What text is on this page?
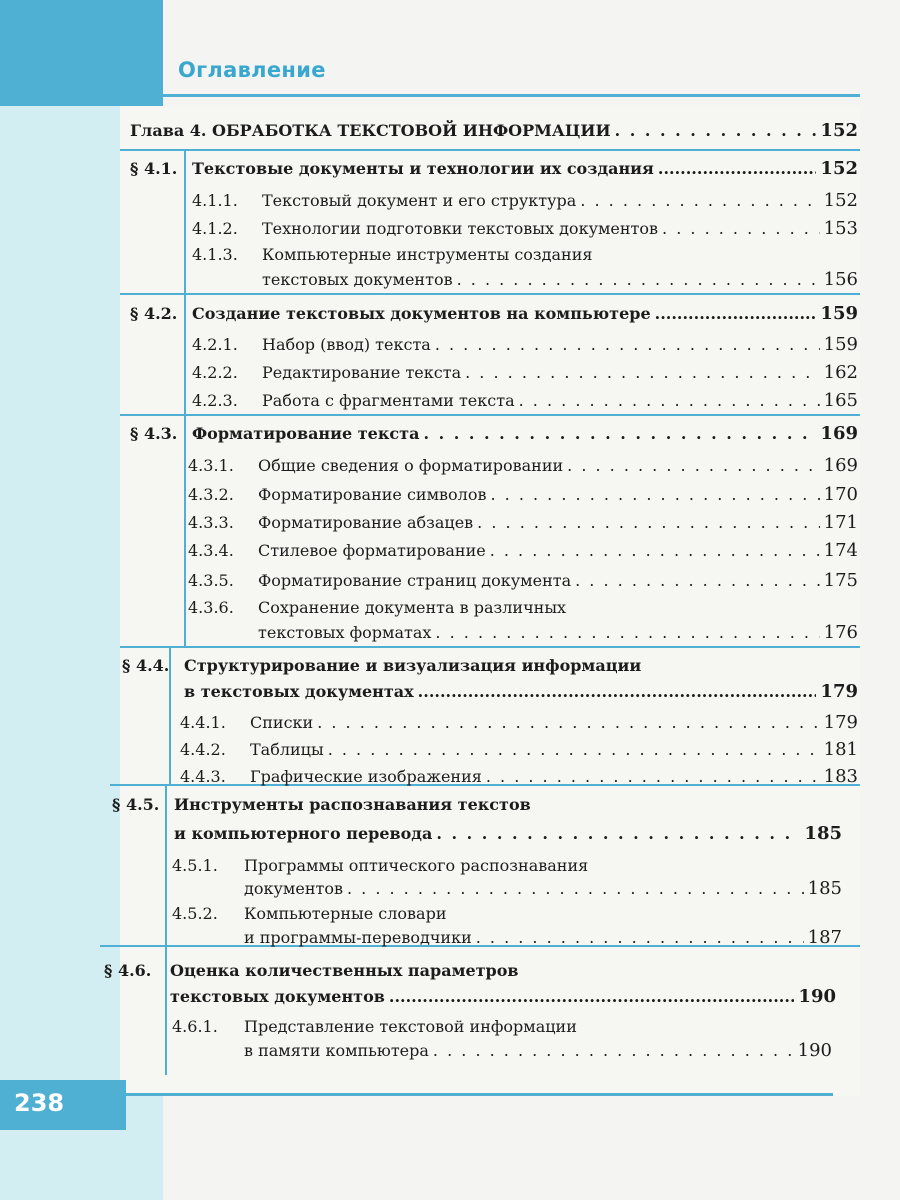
Оглавление
238
Глава 4. ОБРАБОТКА ТЕКСТОВОЙ ИНФОРМАЦИИ . . .	152
§ 4.1. Текстовые документы и технологии их создания .....	152
4.1.1.	Текстовый документ и его структура . . .	152
4.1.2.	Технологии подготовки текстовых документов . . .	153
4.1.3.	Компьютерные инструменты создания
текстовых документов . . .	156
§ 4.2. Создание текстовых документов на компьютере .....	159
4.2.1.	Набор (ввод) текста . . .	159
4.2.2.	Редактирование текста . . .	162
4.2.3.	Работа с фрагментами текста . . .	165
§ 4.3. Форматирование текста . . .	169
4.3.1.	Общие сведения о форматировании . . .	169
4.3.2.	Форматирование символов . . .	170
4.3.3.	Форматирование абзацев . . .	171
4.3.4.	Стилевое форматирование . . .	174
4.3.5.	Форматирование страниц документа . . .	175
4.3.6.	Сохранение документа в различных
текстовых форматах . . .	176
§ 4.4. Структурирование и визуализация информации
в текстовых документах .....	179
4.4.1.	Списки . . .	179
4.4.2.	Таблицы . . .	181
4.4.3.	Графические изображения . . .	183
§ 4.5. Инструменты распознавания текстов
и компьютерного перевода . . .	185
4.5.1.	Программы оптического распознавания
документов . . .	185
4.5.2.	Компьютерные словари
и программы-переводчики . . .	187
§ 4.6.	Оценка количественных параметров
текстовых документов .....	190
4.6.1.	Представление текстовой информации
в памяти компьютера . . .	190
